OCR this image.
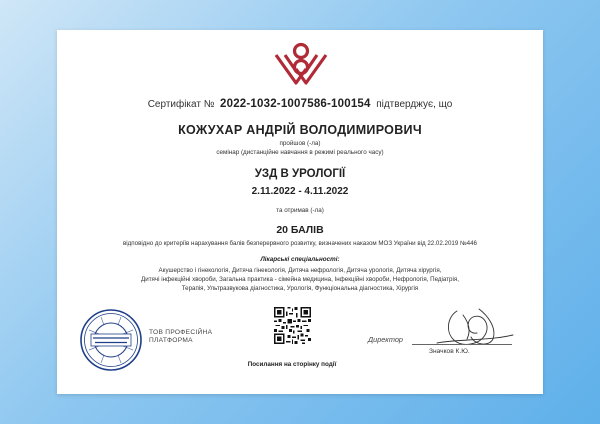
Сертифікат № 2022-1032-1007586-100154 підтверджує, що
КОЖУХАР АНДРІЙ ВОЛОДИМИРОВИЧ
пройшов (-ла)
семінар (дистанційне навчання в режимі реального часу)
УЗД В УРОЛОГІЇ
2.11.2022 - 4.11.2022
та отримав (-ла)
20 БАЛІВ
відповідно до критеріїв нарахування балів безперервного розвитку, визначених наказом МОЗ України від 22.02.2019 №446
Лікарські спеціальності:
Акушерство і гінекологія, Дитяча гінекологія, Дитяча нефрологія, Дитяча урологія, Дитяча хірургія,
Дитячі інфекційні хвороби, Загальна практика - сімейна медицина, Інфекційні хвороби, Нефрологія, Педіатрія,
Терапія, Ультразвукова діагностика, Урологія, Функціональна діагностика, Хірургія
ТОВ ПРОФЕСІЙНА
ПЛАТФОРМА
Посилання на сторінку події
Директор
Значков К.Ю.
